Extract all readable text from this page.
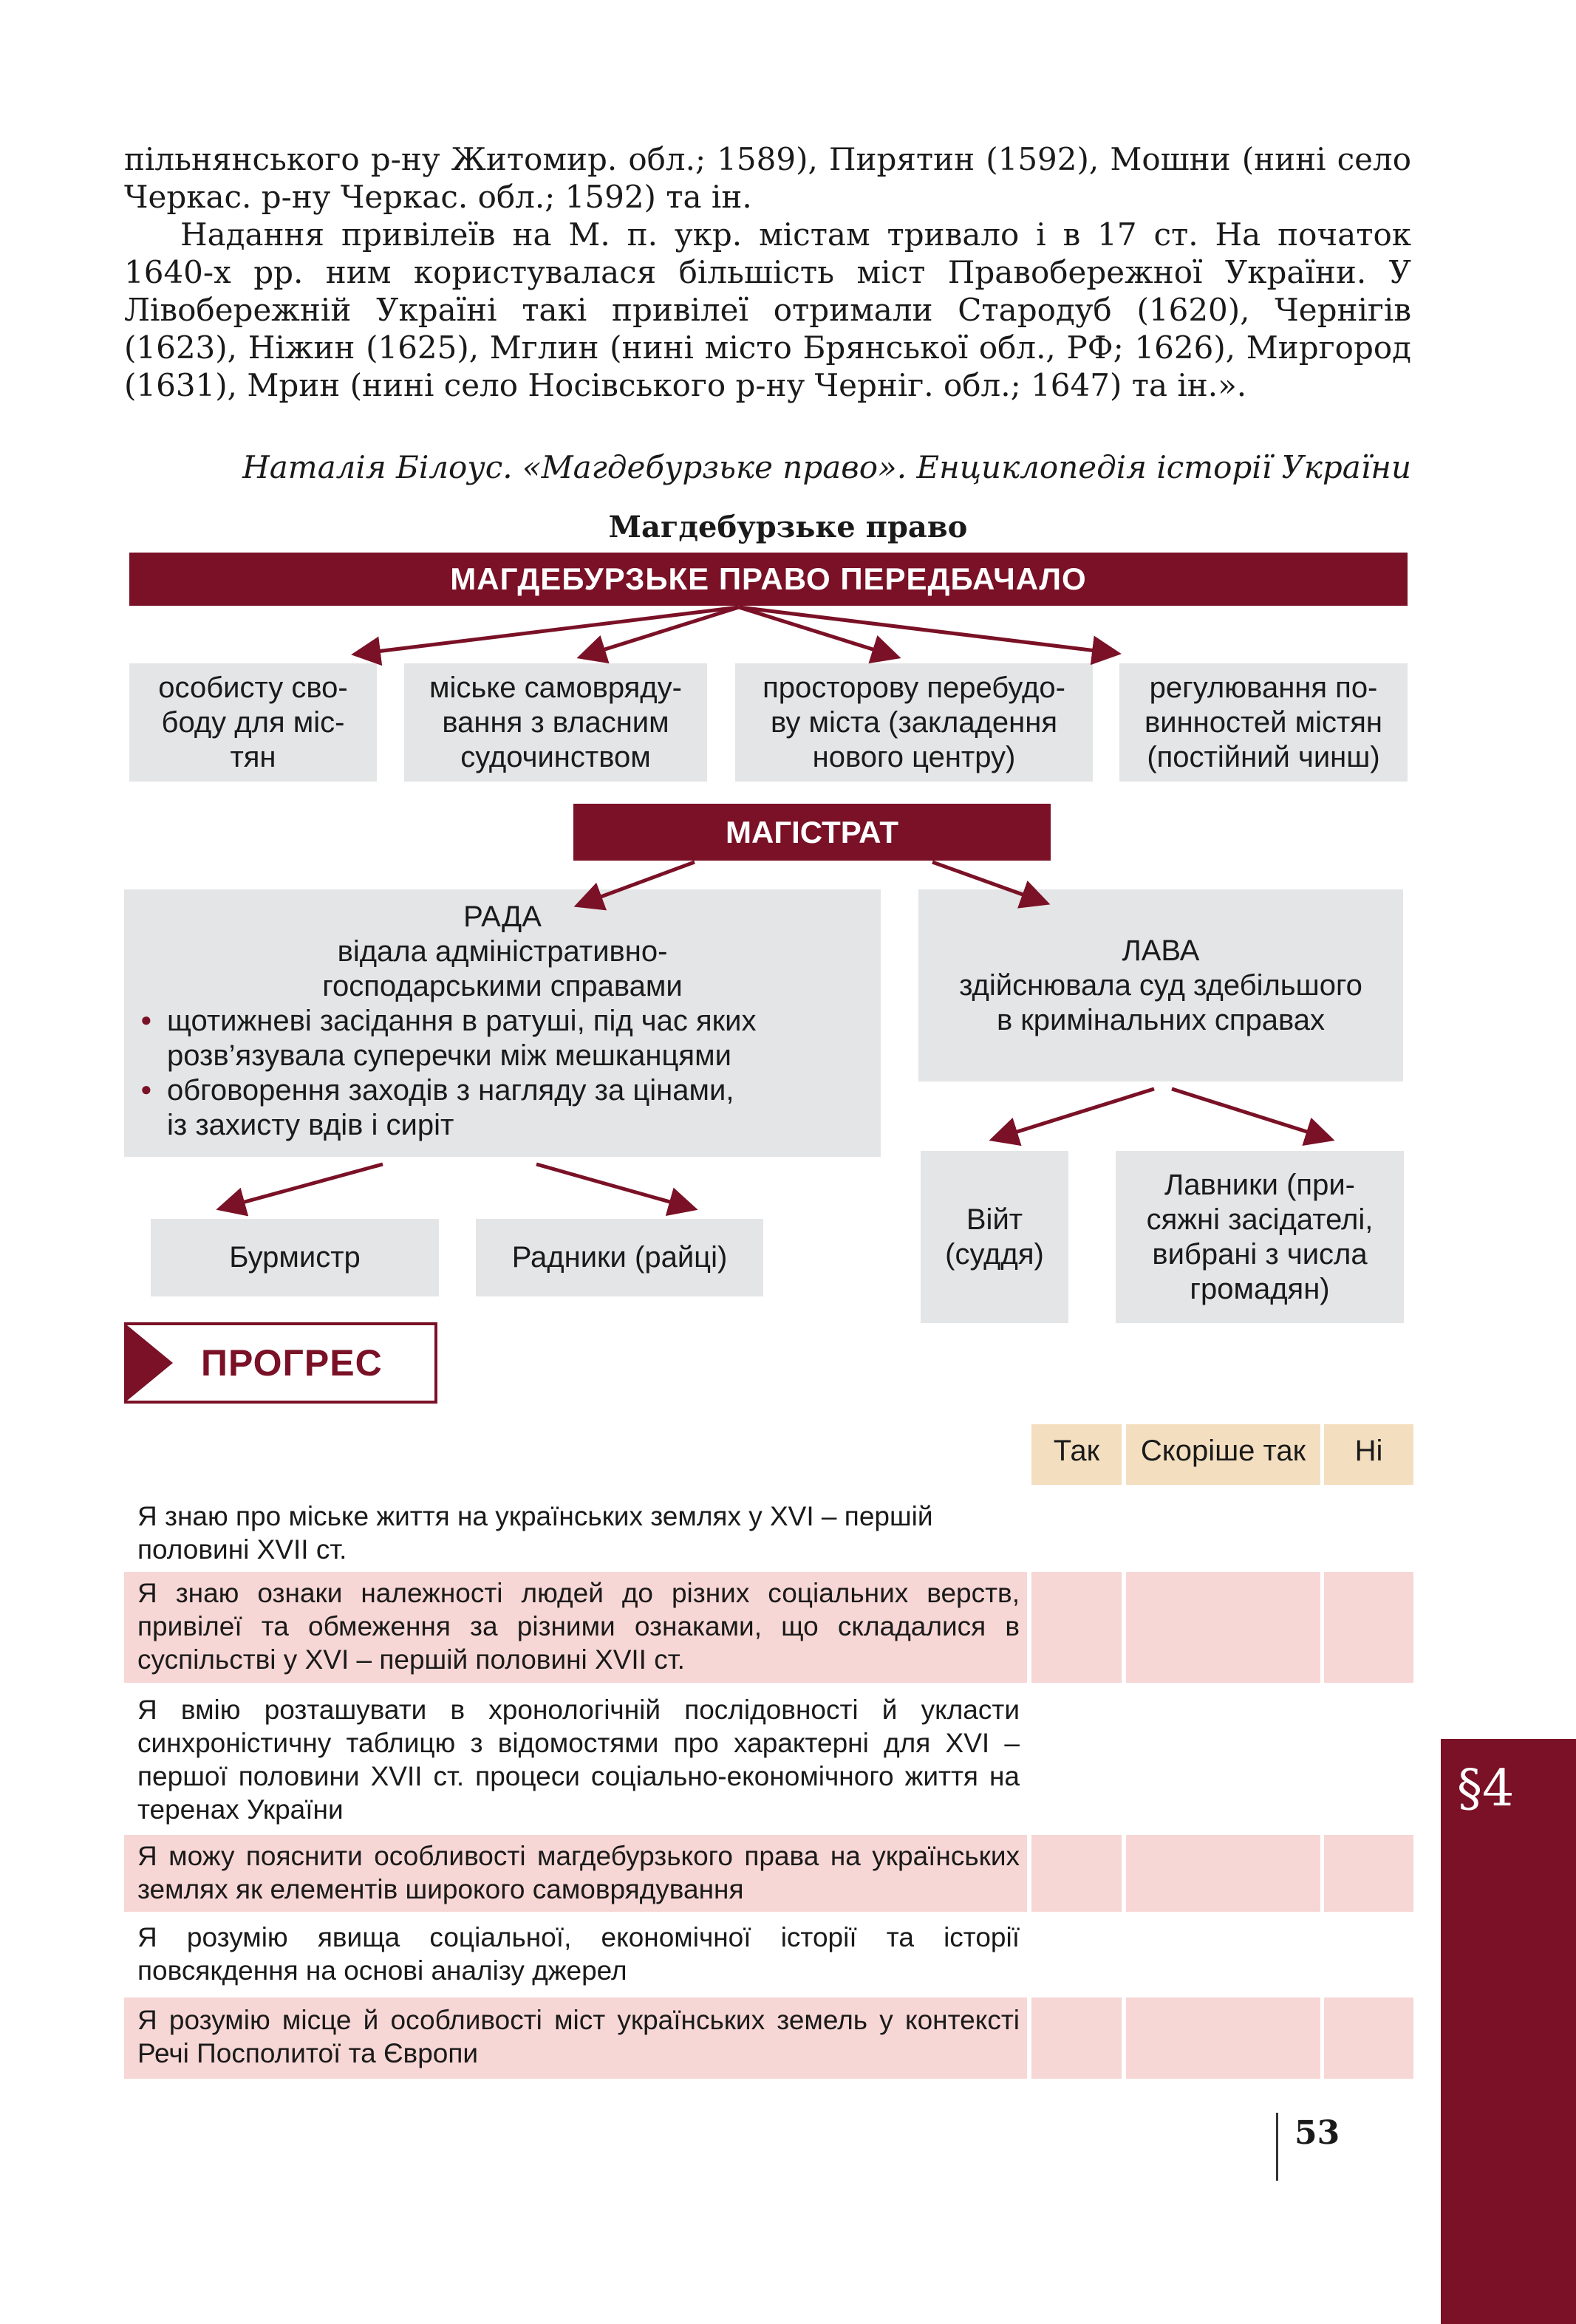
пільнянського р-ну Житомир. обл.; 1589), Пирятин (1592), Мошни (нині село Черкас. р-ну Черкас. обл.; 1592) та ін.

Надання привілеїв на М. п. укр. містам тривало і в 17 ст. На початок 1640-х рр. ним користувалася більшість міст Правобережної України. У Лівобережній Україні такі привілеї отримали Стародуб (1620), Чернігів (1623), Ніжин (1625), Мглин (нині місто Брянської обл., РФ; 1626), Миргород (1631), Мрин (нині село Носівського р-ну Черніг. обл.; 1647) та ін.».

Наталія Білоус. «Магдебурзьке право». Енциклопедія історії України
Магдебурзьке право
МАГДЕБУРЗЬКЕ ПРАВО ПЕРЕДБАЧАЛО
особисту сво-
боду для міс-
тян
міське самовряду-
вання з власним
судочинством
просторову перебудо-
ву міста (закладення
нового центру)
регулювання по-
винностей містян
(постійний чинш)
МАГІСТРАТ
РАДА
відала адміністративно-
господарськими справами
● щотижневі засідання в ратуші, під час яких
розв’язувала суперечки між мешканцями
● обговорення заходів з нагляду за цінами,
із захисту вдів і сиріт
ЛАВА
здійснювала суд здебільшого
в кримінальних справах
Бурмистр	Радники (райці)
Війт
(суддя)
Лавники (при-
сяжні засідателі,
вибрані з числа
громадян)
ПРОГРЕС
Так	Скоріше так	Ні
Я знаю про міське життя на українських землях у XVI – першій
половині XVII ст.
Я знаю ознаки належності людей до різних соціальних верств, привілеї та обмеження за різними ознаками, що складалися в суспільстві у XVI – першій половині XVII ст.
Я вмію розташувати в хронологічній послідовності й укласти синхроністичну таблицю з відомостями про характерні для XVI – першої половини XVII ст. процеси соціально-економічного життя на теренах України
Я можу пояснити особливості магдебурзького права на українських землях як елементів широкого самоврядування
Я розумію явища соціальної, економічної історії та історії повсякдення на основі аналізу джерел
Я розумію місце й особливості міст українських земель у контексті Речі Посполитої та Європи
§4
53
